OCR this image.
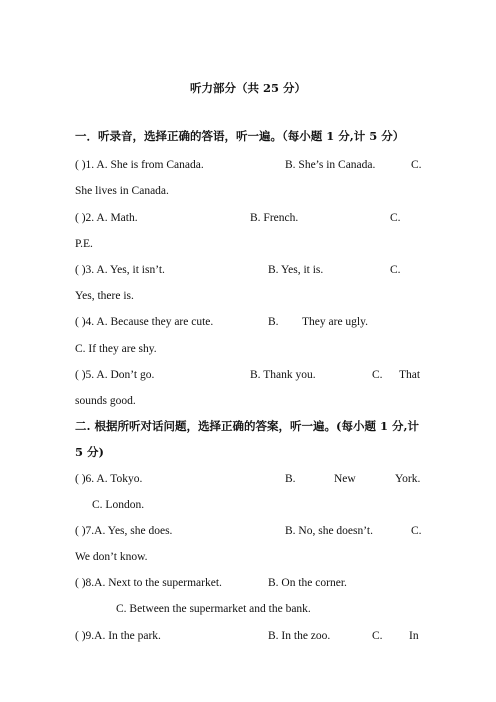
听力部分（共 25 分）
一．听录音，选择正确的答语，听一遍。（每小题 1 分,计 5 分）
( )1. A. She is from Canada.	B. She’s in Canada.	C.
She lives in Canada.
( )2. A. Math.	B. French.	C.
P.E.
( )3. A. Yes, it isn’t.	B. Yes, it is.	C.
Yes, there is.
( )4. A. Because they are cute.	B. They are ugly.
C. If they are shy.
( )5. A. Don’t go.	B. Thank you.	C. That
sounds good.
二. 根据所听对话问题，选择正确的答案，听一遍。(每小题 1 分,计
5 分)
( )6. A. Tokyo.	B.	New	York.
C. London.
( )7.A. Yes, she does.	B. No, she doesn’t.	C.
We don’t know.
( )8.A. Next to the supermarket.	B. On the corner.
C. Between the supermarket and the bank.
( )9.A. In the park.	B. In the zoo.	C. In
